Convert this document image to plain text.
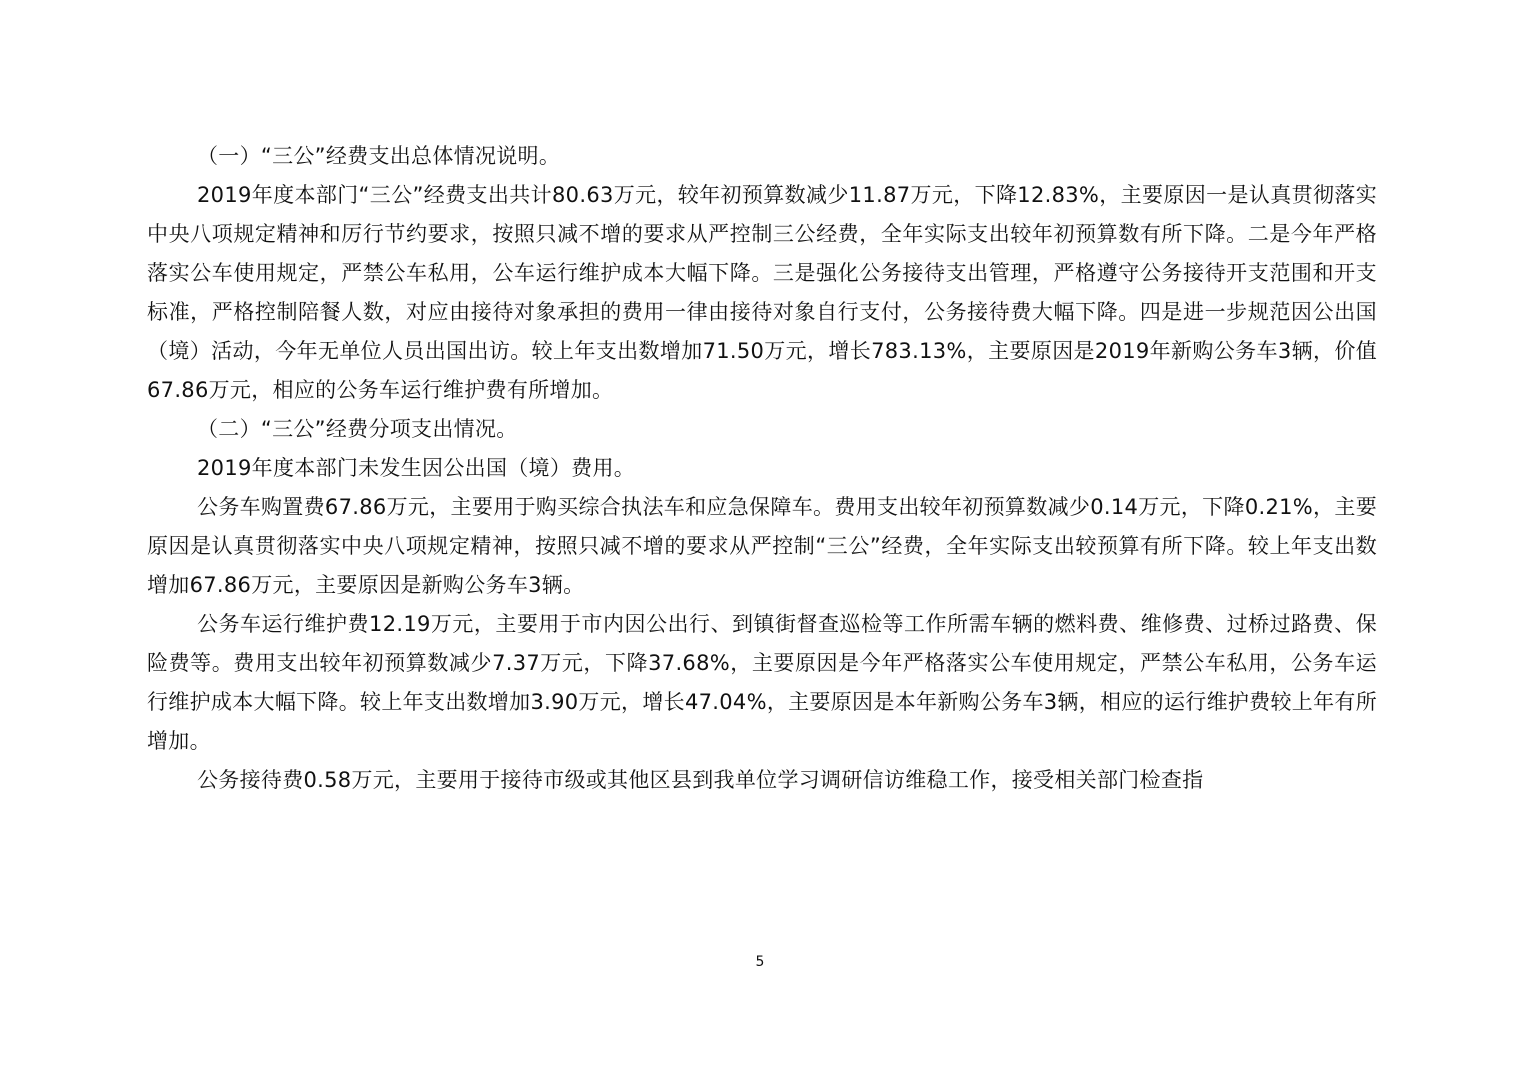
（一）“三公”经费支出总体情况说明。

2019年度本部门“三公”经费支出共计80.63万元，较年初预算数减少11.87万元，下降12.83%，主要原因一是认真贯彻落实中央八项规定精神和厉行节约要求，按照只减不增的要求从严控制三公经费，全年实际支出较年初预算数有所下降。二是今年严格落实公车使用规定，严禁公车私用，公车运行维护成本大幅下降。三是强化公务接待支出管理，严格遵守公务接待开支范围和开支标准，严格控制陪餐人数，对应由接待对象承担的费用一律由接待对象自行支付，公务接待费大幅下降。四是进一步规范因公出国（境）活动，今年无单位人员出国出访。较上年支出数增加71.50万元，增长783.13%，主要原因是2019年新购公务车3辆，价值67.86万元，相应的公务车运行维护费有所增加。

（二）“三公”经费分项支出情况。

2019年度本部门未发生因公出国（境）费用。

公务车购置费67.86万元，主要用于购买综合执法车和应急保障车。费用支出较年初预算数减少0.14万元，下降0.21%，主要原因是认真贯彻落实中央八项规定精神，按照只减不增的要求从严控制“三公”经费，全年实际支出较预算有所下降。较上年支出数增加67.86万元，主要原因是新购公务车3辆。

公务车运行维护费12.19万元，主要用于市内因公出行、到镇街督查巡检等工作所需车辆的燃料费、维修费、过桥过路费、保险费等。费用支出较年初预算数减少7.37万元，下降37.68%，主要原因是今年严格落实公车使用规定，严禁公车私用，公务车运行维护成本大幅下降。较上年支出数增加3.90万元，增长47.04%，主要原因是本年新购公务车3辆，相应的运行维护费较上年有所增加。

公务接待费0.58万元，主要用于接待市级或其他区县到我单位学习调研信访维稳工作，接受相关部门检查指

5
